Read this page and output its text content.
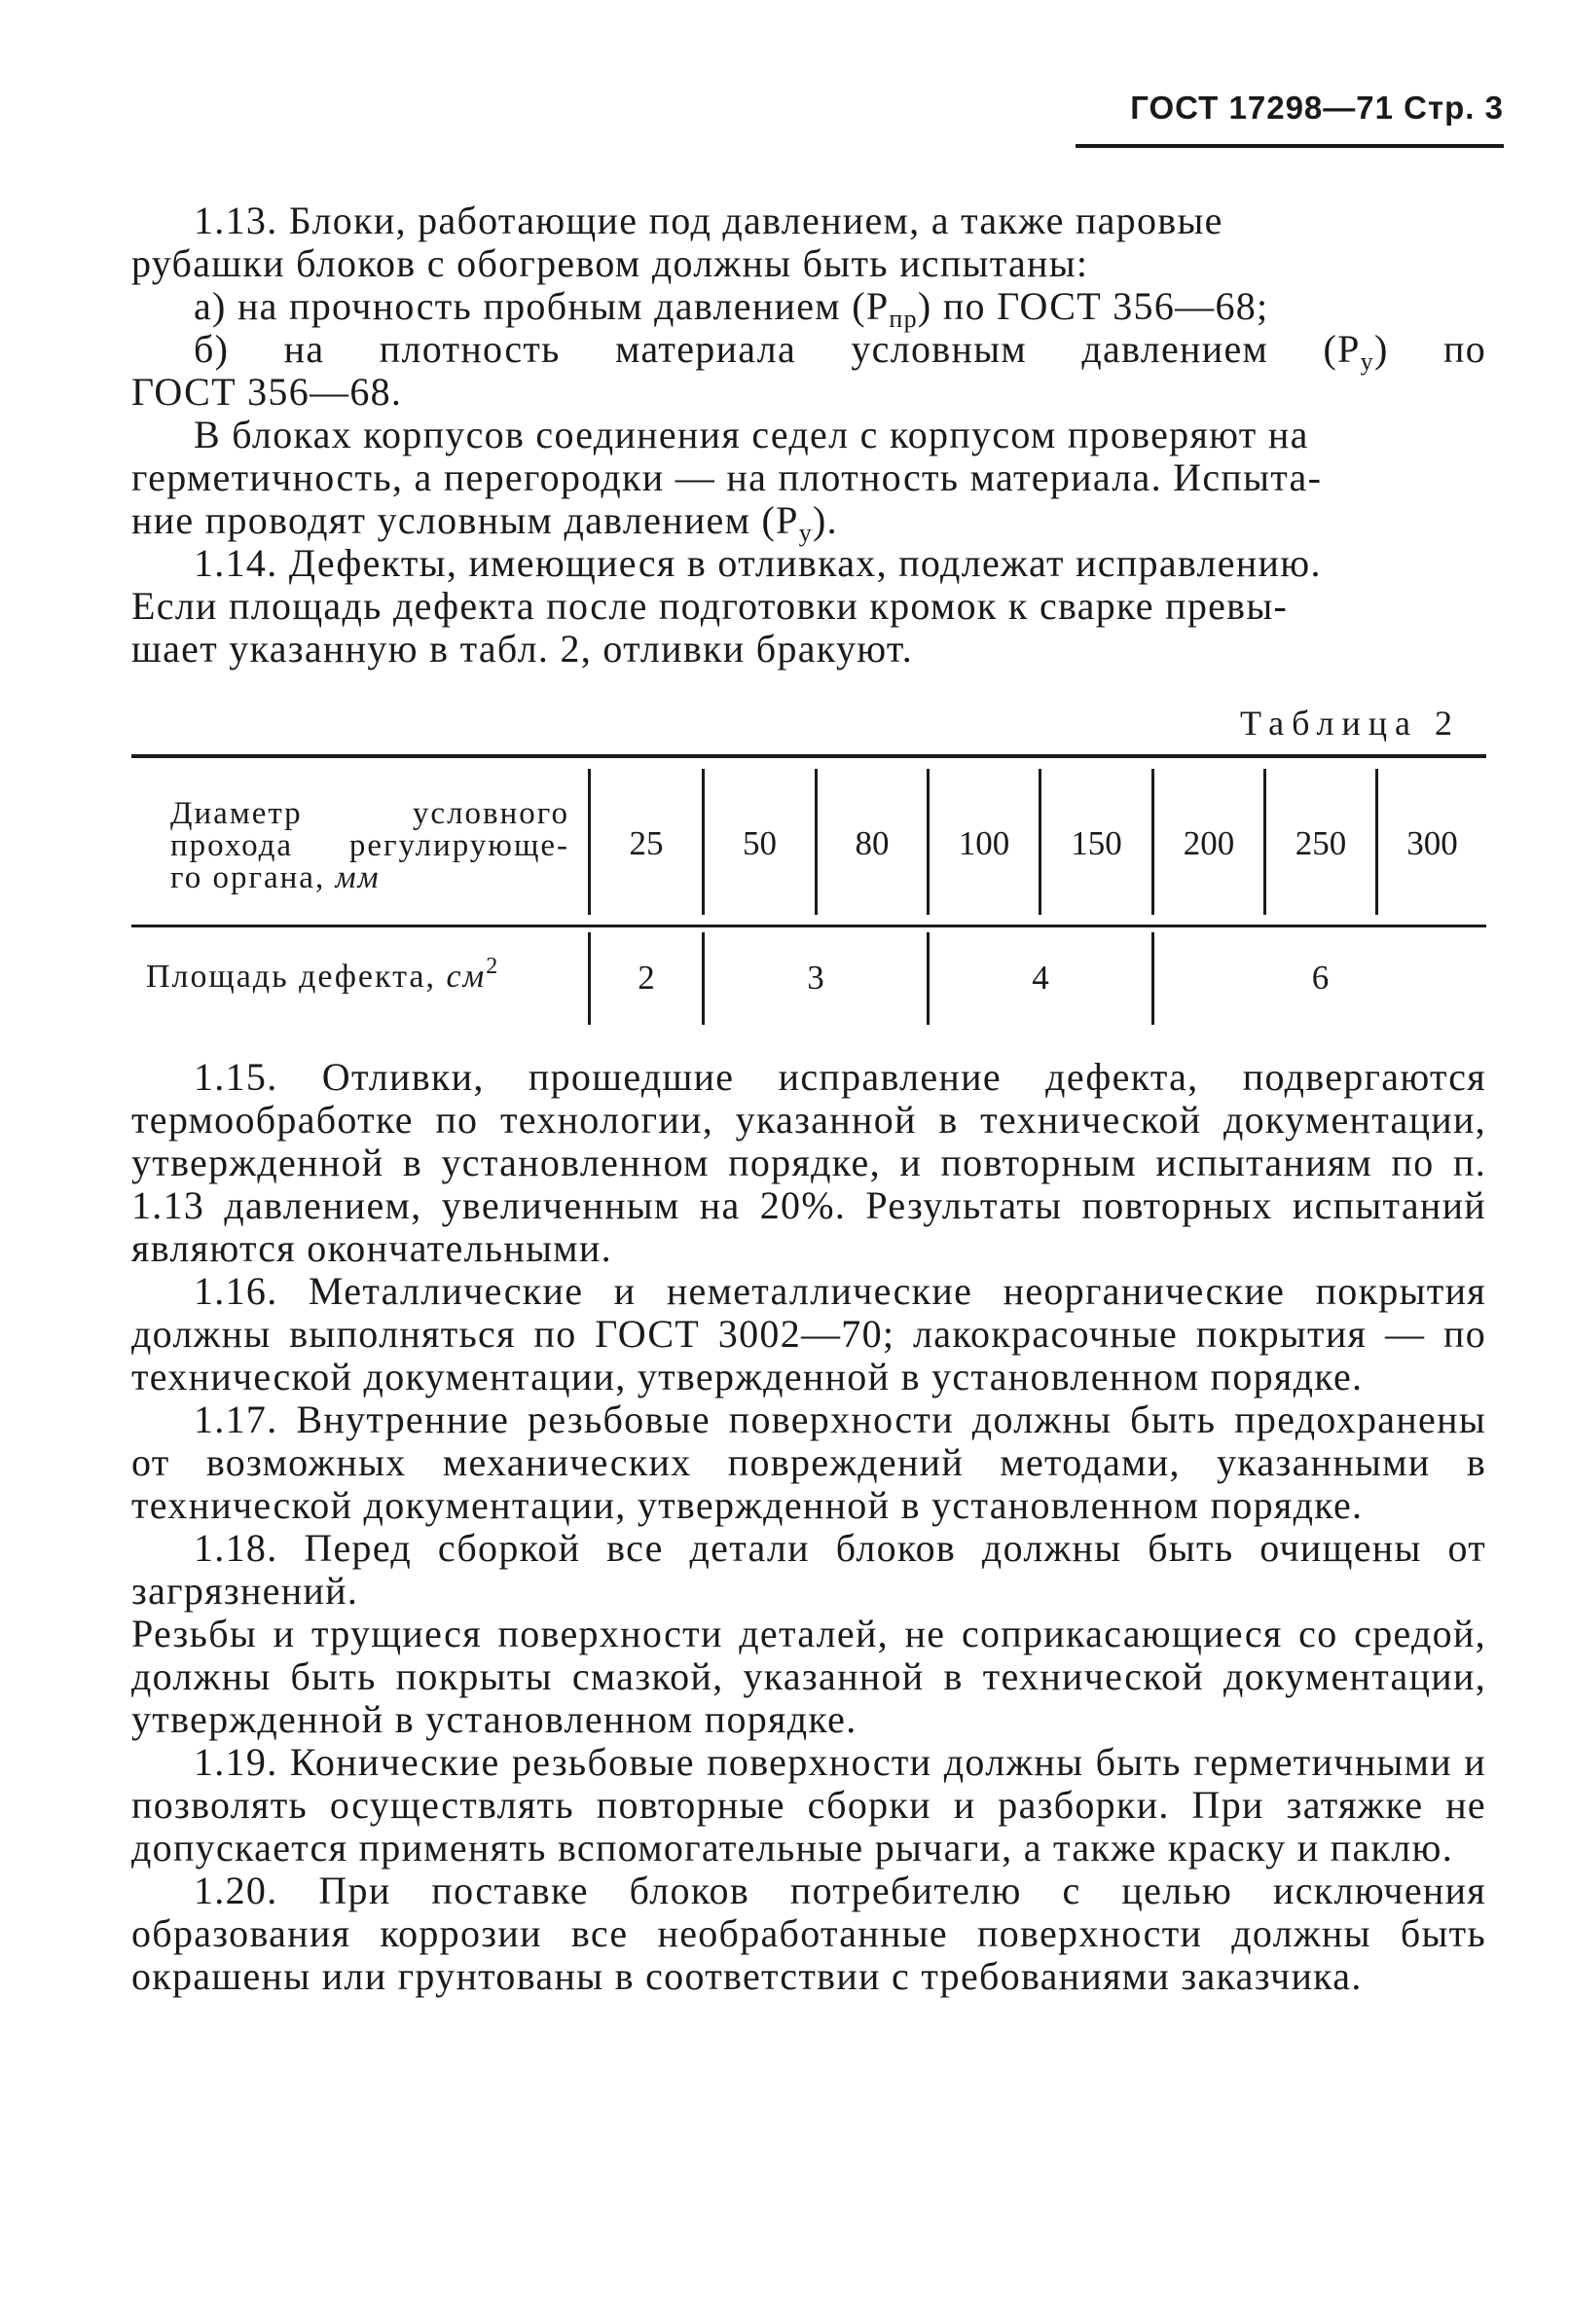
ГОСТ 17298—71 Стр. 3
1.13. Блоки, работающие под давлением, а также паровые
рубашки блоков с обогревом должны быть испытаны:
а) на прочность пробным давлением $(P_{пр})$ по ГОСТ 356—68;
б) на плотность материала условным давлением $(P_у)$ по
ГОСТ 356—68.
В блоках корпусов соединения седел с корпусом проверяют на
герметичность, а перегородки — на плотность материала. Испыта-
ние проводят условным давлением $(P_у)$.
1.14. Дефекты, имеющиеся в отливках, подлежат исправлению.
Если площадь дефекта после подготовки кромок к сварке превы-
шает указанную в табл. 2, отливки бракуют.
Таблица 2
Диаметр условного
прохода регулирующе-
го органа, мм
25	50	80	100	150	200	250	300
Площадь дефекта, $см^2$	2	3	4	6
1.15. Отливки, прошедшие исправление дефекта, подвергаются термообработке по технологии, указанной в технической документации, утвержденной в установленном порядке, и повторным испытаниям по п. 1.13 давлением, увеличенным на 20%. Результаты повторных испытаний являются окончательными.
1.16. Металлические и неметаллические неорганические покрытия должны выполняться по ГОСТ 3002—70; лакокрасочные покрытия — по технической документации, утвержденной в установленном порядке.
1.17. Внутренние резьбовые поверхности должны быть предохранены от возможных механических повреждений методами, указанными в технической документации, утвержденной в установленном порядке.
1.18. Перед сборкой все детали блоков должны быть очищены от загрязнений.
Резьбы и трущиеся поверхности деталей, не соприкасающиеся со средой, должны быть покрыты смазкой, указанной в технической документации, утвержденной в установленном порядке.
1.19. Конические резьбовые поверхности должны быть герметичными и позволять осуществлять повторные сборки и разборки. При затяжке не допускается применять вспомогательные рычаги, а также краску и паклю.
1.20. При поставке блоков потребителю с целью исключения образования коррозии все необработанные поверхности должны быть окрашены или грунтованы в соответствии с требованиями заказчика.
